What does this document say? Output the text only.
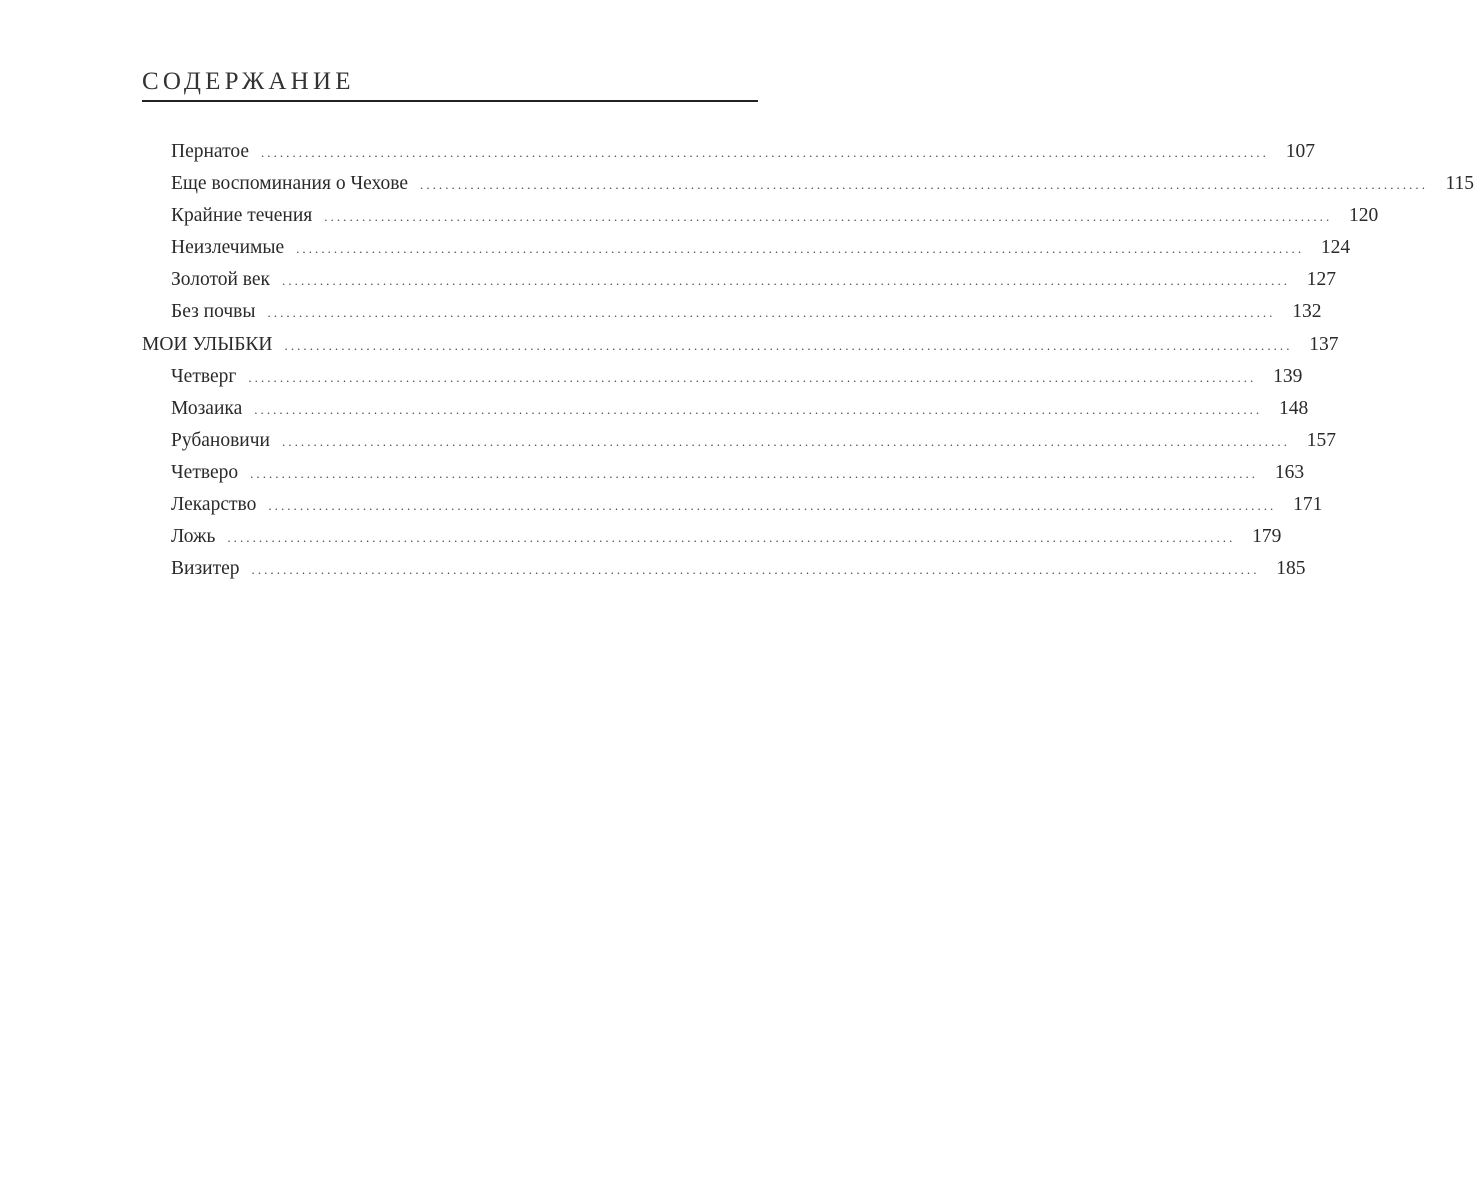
СОДЕРЖАНИЕ
Пернатое ................................................................................................................................................................ 107
Еще воспоминания о Чехове ................................................................................................................................................................ 115
Крайние течения ................................................................................................................................................................ 120
Неизлечимые ................................................................................................................................................................ 124
Золотой век ................................................................................................................................................................ 127
Без почвы ................................................................................................................................................................ 132
МОИ УЛЫБКИ ................................................................................................................................................................ 137
Четверг ................................................................................................................................................................ 139
Мозаика ................................................................................................................................................................ 148
Рубановичи ................................................................................................................................................................ 157
Четверо ................................................................................................................................................................ 163
Лекарство ................................................................................................................................................................ 171
Ложь ................................................................................................................................................................ 179
Визитер ................................................................................................................................................................ 185
